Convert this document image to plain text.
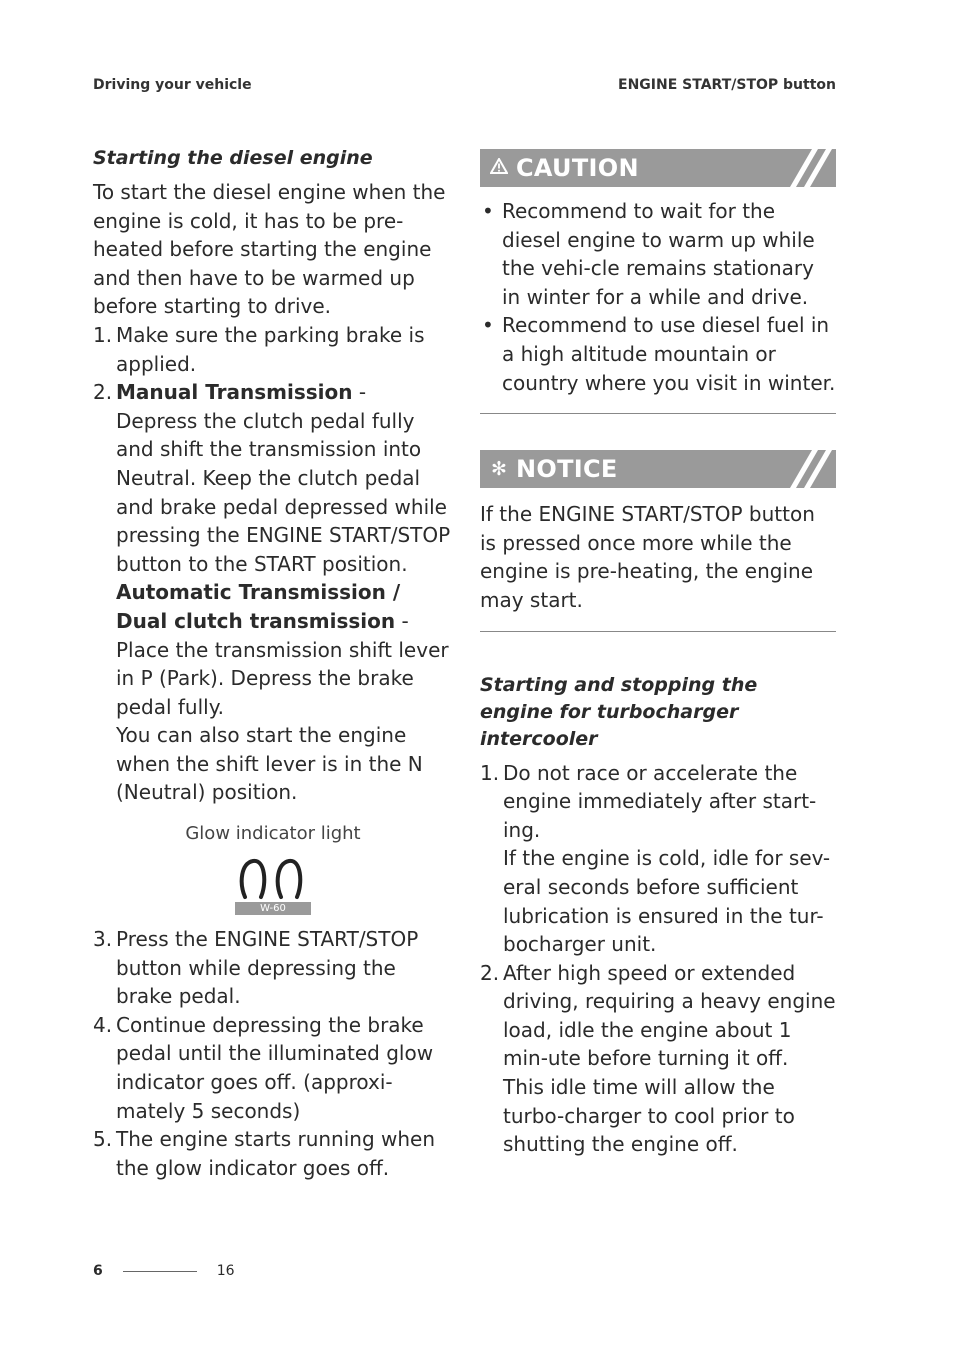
Driving your vehicle	ENGINE START/STOP button
Starting the diesel engine

To start the diesel engine when the engine is cold, it has to be pre-heated before starting the engine and then have to be warmed up before starting to drive.

1. Make sure the parking brake is applied.
2. Manual Transmission - Depress the clutch pedal fully and shift the transmission into Neutral. Keep the clutch pedal and brake pedal depressed while pressing the ENGINE START/STOP button to the START position.
Automatic Transmission / Dual clutch transmission - Place the transmission shift lever in P (Park). Depress the brake pedal fully.
You can also start the engine when the shift lever is in the N (Neutral) position.
Glow indicator light
W-60
3. Press the ENGINE START/STOP button while depressing the brake pedal.
4. Continue depressing the brake pedal until the illuminated glow indicator goes off. (approxi-mately 5 seconds)
5. The engine starts running when the glow indicator goes off.
CAUTION
• Recommend to wait for the diesel engine to warm up while the vehi-cle remains stationary in winter for a while and drive.
• Recommend to use diesel fuel in a high altitude mountain or country where you visit in winter.
✻ NOTICE

If the ENGINE START/STOP button is pressed once more while the engine is pre-heating, the engine may start.

Starting and stopping the engine for turbocharger intercooler
1. Do not race or accelerate the engine immediately after start-ing.
If the engine is cold, idle for sev-eral seconds before sufficient lubrication is ensured in the tur-bocharger unit.
2. After high speed or extended driving, requiring a heavy engine load, idle the engine about 1 min-ute before turning it off.
This idle time will allow the turbo-charger to cool prior to shutting the engine off.
6	16
